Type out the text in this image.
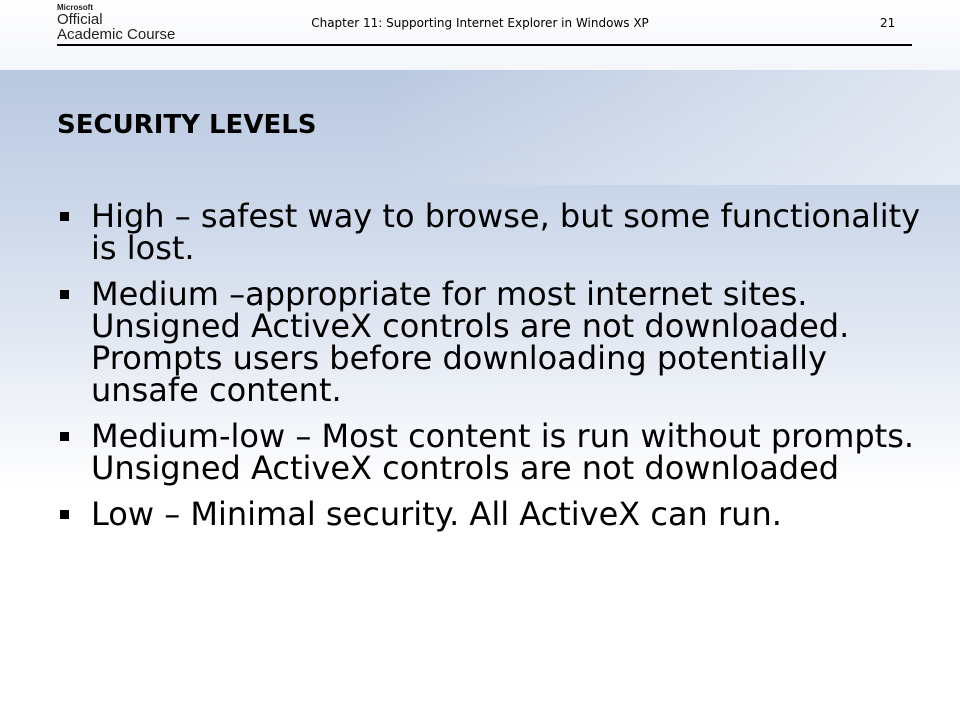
Microsoft
Official
Academic Course
Chapter 11: Supporting Internet Explorer in Windows XP	21
SECURITY LEVELS
High – safest way to browse, but some functionality is lost.
Medium –appropriate for most internet sites. Unsigned ActiveX controls are not downloaded. Prompts users before downloading potentially unsafe content.
Medium-low – Most content is run without prompts. Unsigned ActiveX controls are not downloaded
Low – Minimal security. All ActiveX can run.
